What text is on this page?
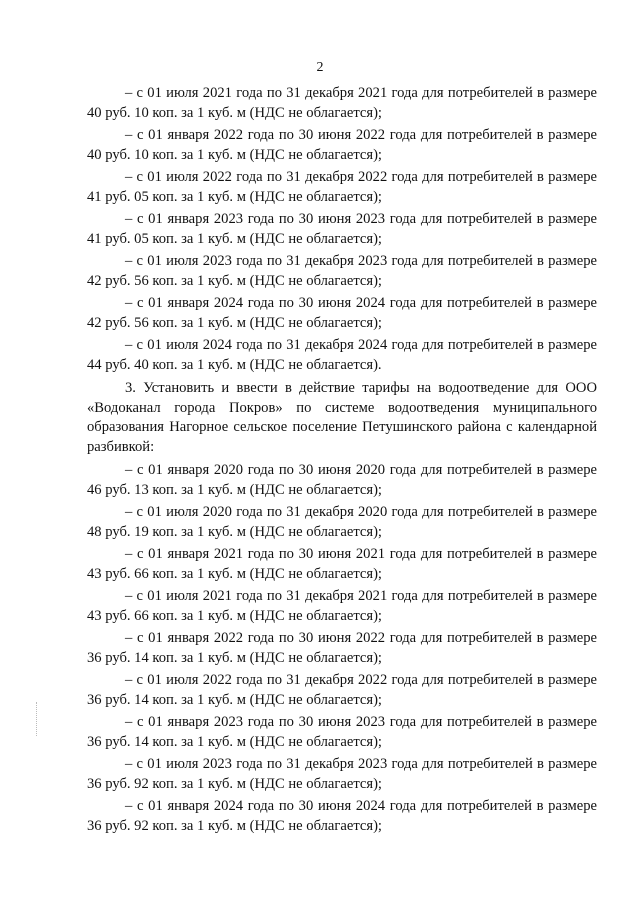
2

– с 01 июля 2021 года по 31 декабря 2021 года для потребителей в размере
40 руб. 10 коп. за 1 куб. м (НДС не облагается);

– с 01 января 2022 года по 30 июня 2022 года для потребителей в размере
40 руб. 10 коп. за 1 куб. м (НДС не облагается);

– с 01 июля 2022 года по 31 декабря 2022 года для потребителей в размере
41 руб. 05 коп. за 1 куб. м (НДС не облагается);

– с 01 января 2023 года по 30 июня 2023 года для потребителей в размере
41 руб. 05 коп. за 1 куб. м (НДС не облагается);

– с 01 июля 2023 года по 31 декабря 2023 года для потребителей в размере
42 руб. 56 коп. за 1 куб. м (НДС не облагается);

– с 01 января 2024 года по 30 июня 2024 года для потребителей в размере
42 руб. 56 коп. за 1 куб. м (НДС не облагается);

– с 01 июля 2024 года по 31 декабря 2024 года для потребителей в размере
44 руб. 40 коп. за 1 куб. м (НДС не облагается).

3. Установить и ввести в действие тарифы на водоотведение для ООО «Водоканал города Покров» по системе водоотведения муниципального образования Нагорное сельское поселение Петушинского района с календарной разбивкой:

– с 01 января 2020 года по 30 июня 2020 года для потребителей в размере
46 руб. 13 коп. за 1 куб. м (НДС не облагается);

– с 01 июля 2020 года по 31 декабря 2020 года для потребителей в размере
48 руб. 19 коп. за 1 куб. м (НДС не облагается);

– с 01 января 2021 года по 30 июня 2021 года для потребителей в размере
43 руб. 66 коп. за 1 куб. м (НДС не облагается);

– с 01 июля 2021 года по 31 декабря 2021 года для потребителей в размере
43 руб. 66 коп. за 1 куб. м (НДС не облагается);

– с 01 января 2022 года по 30 июня 2022 года для потребителей в размере
36 руб. 14 коп. за 1 куб. м (НДС не облагается);

– с 01 июля 2022 года по 31 декабря 2022 года для потребителей в размере
36 руб. 14 коп. за 1 куб. м (НДС не облагается);

– с 01 января 2023 года по 30 июня 2023 года для потребителей в размере
36 руб. 14 коп. за 1 куб. м (НДС не облагается);

– с 01 июля 2023 года по 31 декабря 2023 года для потребителей в размере
36 руб. 92 коп. за 1 куб. м (НДС не облагается);

– с 01 января 2024 года по 30 июня 2024 года для потребителей в размере
36 руб. 92 коп. за 1 куб. м (НДС не облагается);
